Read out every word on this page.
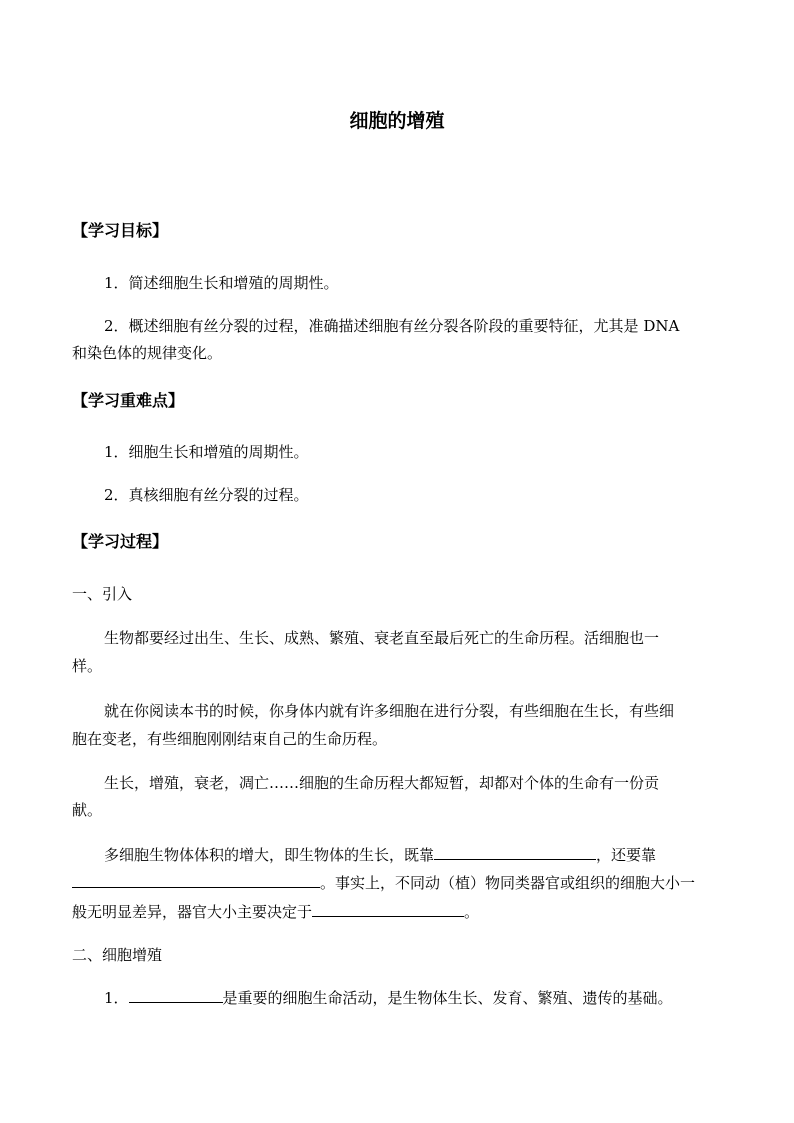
细胞的增殖
【学习目标】
1．简述细胞生长和增殖的周期性。
2．概述细胞有丝分裂的过程，准确描述细胞有丝分裂各阶段的重要特征，尤其是 DNA
和染色体的规律变化。
【学习重难点】
1．细胞生长和增殖的周期性。
2．真核细胞有丝分裂的过程。
【学习过程】
一、引入
生物都要经过出生、生长、成熟、繁殖、衰老直至最后死亡的生命历程。活细胞也一
样。
就在你阅读本书的时候，你身体内就有许多细胞在进行分裂，有些细胞在生长，有些细
胞在变老，有些细胞刚刚结束自己的生命历程。
生长，增殖，衰老，凋亡……细胞的生命历程大都短暂，却都对个体的生命有一份贡
献。
多细胞生物体体积的增大，即生物体的生长，既靠	，还要靠
。事实上，不同动（植）物同类器官或组织的细胞大小一
般无明显差异，器官大小主要决定于	。
二、细胞增殖
1．	是重要的细胞生命活动，是生物体生长、发育、繁殖、遗传的基础。
